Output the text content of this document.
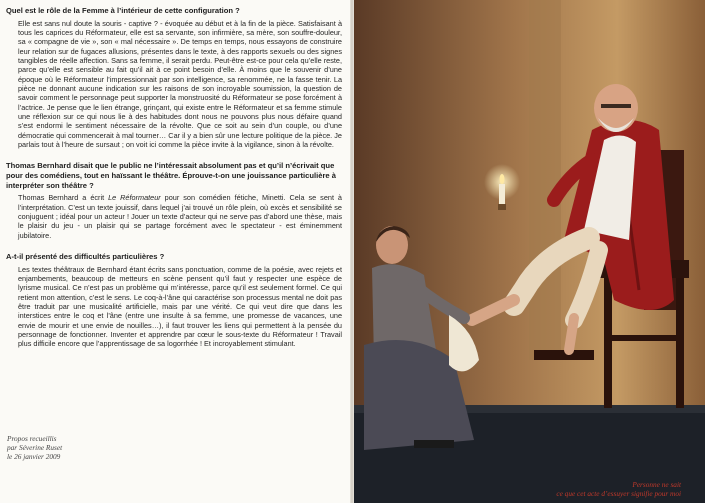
Quel est le rôle de la Femme à l’intérieur de cette configuration ?

Elle est sans nul doute la souris - captive ? - évoquée au début et à la fin de la pièce. Satisfaisant à tous les caprices du Réformateur, elle est sa servante, son infirmière, sa mère, son souffre-douleur, sa « compagne de vie », son « mal nécessaire ». De temps en temps, nous essayons de construire leur relation sur de fugaces allusions, présentes dans le texte, à des rapports sexuels ou des signes tangibles de réelle affection. Sans sa femme, il serait perdu. Peut-être est-ce pour cela qu’elle reste, parce qu’elle est sensible au fait qu’il ait à ce point besoin d’elle. À moins que le souvenir d’une époque où le Réformateur l’impressionnait par son intelligence, sa renommée, ne la fasse tenir. La pièce ne donnant aucune indication sur les raisons de son incroyable soumission, la question de savoir comment le personnage peut supporter la monstruosité du Réformateur se pose forcément à l’actrice. Je pense que le lien étrange, grinçant, qui existe entre le Réformateur et sa femme stimule une réflexion sur ce qui nous lie à des habitudes dont nous ne pouvons plus nous défaire quand s’est endormi le sentiment nécessaire de la révolte. Que ce soit au sein d’un couple, ou d’une démocratie qui commencerait à mal tourner… Car il y a bien sûr une lecture politique de la pièce. Je parlais tout à l’heure de sursaut ; on voit ici comme la pièce invite à la vigilance, sinon à la révolte.

Thomas Bernhard disait que le public ne l’intéressait absolument pas et qu’il n’écrivait que pour des comédiens, tout en haïssant le théâtre. Éprouve-t-on une jouissance particulière à interpréter son théâtre ?

Thomas Bernhard a écrit Le Réformateur pour son comédien fétiche, Minetti. Cela se sent à l’interprétation. C’est un texte jouissif, dans lequel j’ai trouvé un rôle plein, où excès et sensibilité se conjuguent ; idéal pour un acteur ! Jouer un texte d’acteur qui ne serve pas d’abord une thèse, mais le plaisir du jeu - un plaisir qui se partage forcément avec le spectateur - est éminemment jubilatoire.

A-t-il présenté des difficultés particulières ?

Les textes théâtraux de Bernhard étant écrits sans ponctuation, comme de la poésie, avec rejets et enjambements, beaucoup de metteurs en scène pensent qu’il faut y respecter une espèce de lyrisme musical. Ce n’est pas un problème qui m’intéresse, parce qu’il est seulement formel. Ce qui retient mon attention, c’est le sens. Le coq-à-l’âne qui caractérise son processus mental ne doit pas être traduit par une musicalité artificielle, mais par une vérité. Ce qui veut dire que dans les interstices entre le coq et l’âne (entre une insulte à sa femme, une promesse de vacances, une envie de mourir et une envie de nouilles…), il faut trouver les liens qui permettent à la pensée du personnage de fonctionner. Inventer et apprendre par cœur le sous-texte du Réformateur ! Travail plus difficile encore que l’apprentissage de sa logorrhée ! Et incroyablement stimulant.

Propos recueillis
par Séverine Ruset
le 26 janvier 2009
Personne ne sait
ce que cet acte d’essuyer signifie pour moi
